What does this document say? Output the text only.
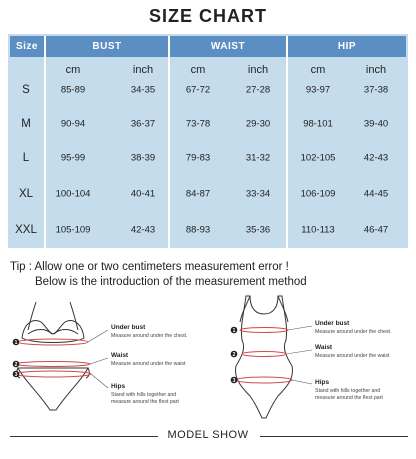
SIZE CHART
Size	BUST	WAIST	HIP
cm	inch	cm	inch	cm	inch
S	85-89	34-35	67-72	27-28	93-97	37-38
M	90-94	36-37	73-78	29-30	98-101	39-40
L	95-99	38-39	79-83	31-32	102-105	42-43
XL 100-104	40-41	84-87	33-34	106-109	44-45
XXL 105-109	42-43	88-93	35-36	110-113	46-47
Tip : Allow one or two centimeters measurement error !
Below is the introduction of the measurement method
1
2
3
Under bust
Measure around under the chest.
Waist
Measure around under the waist
Hips
Stand with hills together and
measure around the flest part
1
2
3
Under bust
Measure around under the chest.
Waist
Measure around under the waist
Hips
Stand with hills together and
measure around the flest part
MODEL SHOW
